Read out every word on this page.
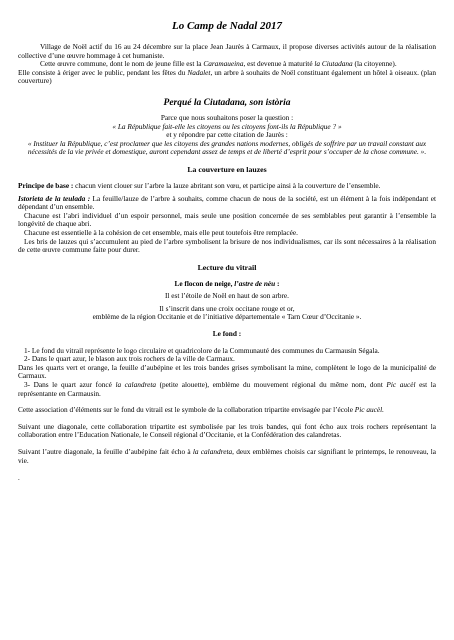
Lo Camp de Nadal 2017

Village de Noël actif du 16 au 24 décembre sur la place Jean Jaurès à Carmaux, il propose diverses activités autour de la réalisation collective d’une œuvre hommage à cet humaniste.

Cette œuvre commune, dont le nom de jeune fille est la Caramaueina, est devenue à maturité la Ciutadana (la citoyenne).

Elle consiste à ériger avec le public, pendant les fêtes du Nadalet, un arbre à souhaits de Noël constituant également un hôtel à oiseaux. (plan couverture)

Perqué la Ciutadana, son istòria

Parce que nous souhaitons poser la question :

« La République fait-elle les citoyens ou les citoyens font-ils la République ? »

et y répondre par cette citation de Jaurès :

« Instituer la République, c’est proclamer que les citoyens des grandes nations modernes, obligés de soffrire par un travail constant aux nécessités de la vie privée et domestique, auront cependant assez de temps et de liberté d’esprit pour s’occuper de la chose commune. ».

La couverture en lauzes

Principe de base : chacun vient clouer sur l’arbre la lauze abritant son vœu, et participe ainsi à la couverture de l’ensemble.

Istorieta de la teulada : La feuille/lauze de l’arbre à souhaits, comme chacun de nous de la société, est un élément à la fois indépendant et dépendant d’un ensemble.

Chacune est l’abri individuel d’un espoir personnel, mais seule une position concernée de ses semblables peut garantir à l’ensemble la longévité de chaque abri.

Chacune est essentielle à la cohésion de cet ensemble, mais elle peut toutefois être remplacée.

Les bris de lauzes qui s’accumulent au pied de l’arbre symbolisent la brisure de nos individualismes, car ils sont nécessaires à la réalisation de cette œuvre commune faite pour durer.

Lecture du vitrail

Le flocon de neige, l’astre de nèu :

Il est l’étoile de Noël en haut de son arbre.

Il s’inscrit dans une croix occitane rouge et or,

emblème de la région Occitanie et de l’initiative départementale « Tarn Cœur d’Occitanie ».

Le fond :

1- Le fond du vitrail représente le logo circulaire et quadricolore de la Communauté des communes du Carmausin Ségala.

2- Dans le quart azur, le blason aux trois rochers de la ville de Carmaux.

Dans les quarts vert et orange, la feuille d’aubépine et les trois bandes grises symbolisant la mine, complètent le logo de la municipalité de Carmaux.

3- Dans le quart azur foncé la calandreta (petite alouette), emblème du mouvement régional du même nom, dont Pic aucèl est la représentante en Carmausin.

Cette association d’éléments sur le fond du vitrail est le symbole de la collaboration tripartite envisagée par l’école Pic aucèl.

Suivant une diagonale, cette collaboration tripartite est symbolisée par les trois bandes, qui font écho aux trois rochers représentant la collaboration entre l’Education Nationale, le Conseil régional d’Occitanie, et la Confédération des calandretas.

Suivant l’autre diagonale, la feuille d’aubépine fait écho à la calandreta, deux emblèmes choisis car signifiant le printemps, le renouveau, la vie.

.
